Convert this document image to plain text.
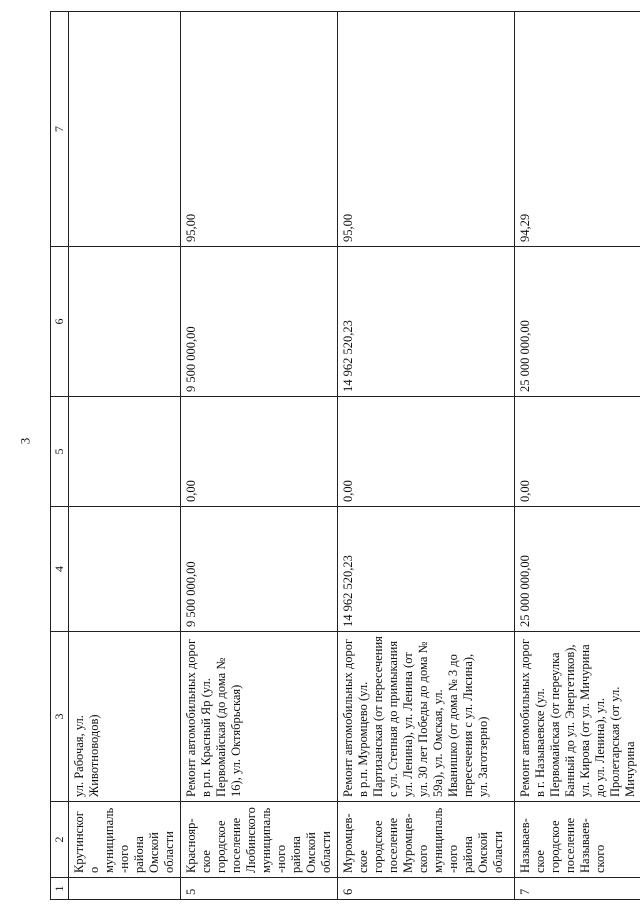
3
1	2	3	4	5	6	7
	Крутинского муниципаль-ного района Омской области	ул. Рабочая, ул. Животноводов)				
5	Краснояр-ское городское поселение Любинского муниципаль-ного района Омской области	Ремонт автомобильных дорог в р.п. Красный Яр (ул. Первомайская (до дома № 16), ул. Октябрьская)	9 500 000,00	0,00	9 500 000,00	95,00
6	Муромцев-ское городское поселение Муромцев-ского муниципаль-ного района Омской области	Ремонт автомобильных дорог в р.п. Муромцево (ул. Партизанская (от пересечения с ул. Степная до примыкания ул. Ленина), ул. Ленина (от ул. 30 лет Победы до дома № 59а), ул. Омская, ул. Иванишко (от дома № 3 до пересечения с ул. Лисина), ул. Заготзерно)	14 962 520,23	0,00	14 962 520,23	95,00
7	Называев-ское городское поселение Называев-ского	Ремонт автомобильных дорог в г. Называевске (ул. Первомайская (от переулка Банный до ул. Энергетиков), ул. Кирова (от ул. Мичурина до ул. Ленина), ул. Пролетарская (от ул. Мичурина	25 000 000,00	0,00	25 000 000,00	94,29
